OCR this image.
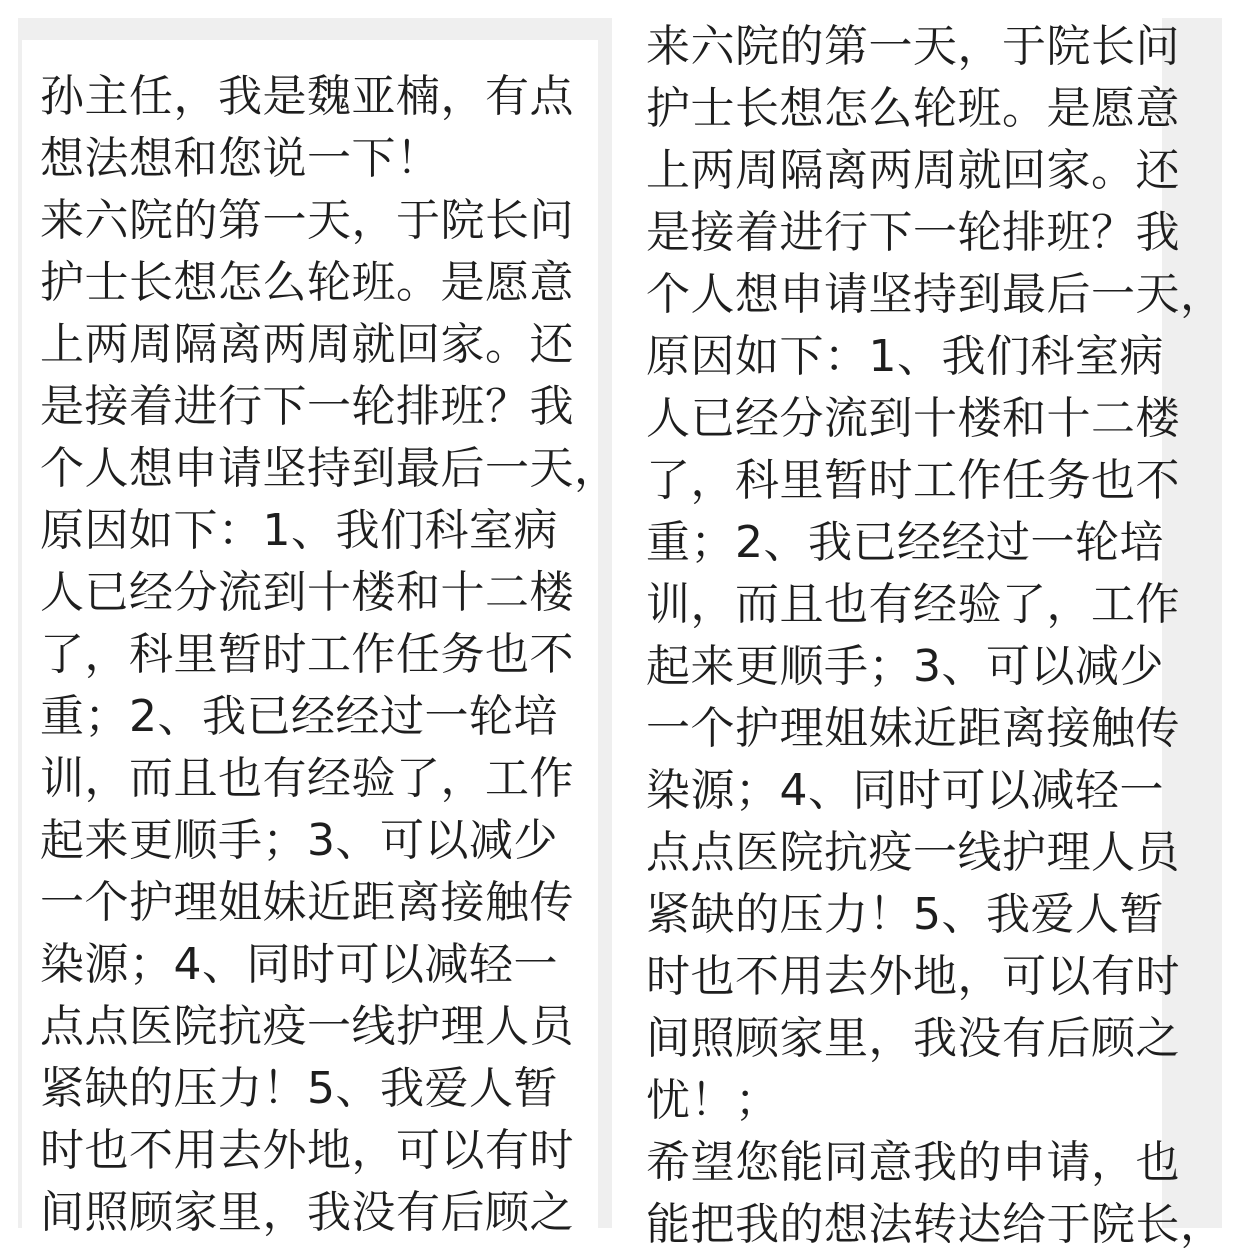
孙主任，我是魏亚楠，有点
想法想和您说一下！
来六院的第一天，于院长问
护士长想怎么轮班。是愿意
上两周隔离两周就回家。还
是接着进行下一轮排班？我
个人想申请坚持到最后一天，
原因如下：1、我们科室病
人已经分流到十楼和十二楼
了，科里暂时工作任务也不
重；2、我已经经过一轮培
训，而且也有经验了，工作
起来更顺手；3、可以减少
一个护理姐妹近距离接触传
染源；4、同时可以减轻一
点点医院抗疫一线护理人员
紧缺的压力！5、我爱人暂
时也不用去外地，可以有时
间照顾家里，我没有后顾之
来六院的第一天，于院长问
护士长想怎么轮班。是愿意
上两周隔离两周就回家。还
是接着进行下一轮排班？我
个人想申请坚持到最后一天，
原因如下：1、我们科室病
人已经分流到十楼和十二楼
了，科里暂时工作任务也不
重；2、我已经经过一轮培
训，而且也有经验了，工作
起来更顺手；3、可以减少
一个护理姐妹近距离接触传
染源；4、同时可以减轻一
点点医院抗疫一线护理人员
紧缺的压力！5、我爱人暂
时也不用去外地，可以有时
间照顾家里，我没有后顾之
忧！；
希望您能同意我的申请，也
能把我的想法转达给于院长，
